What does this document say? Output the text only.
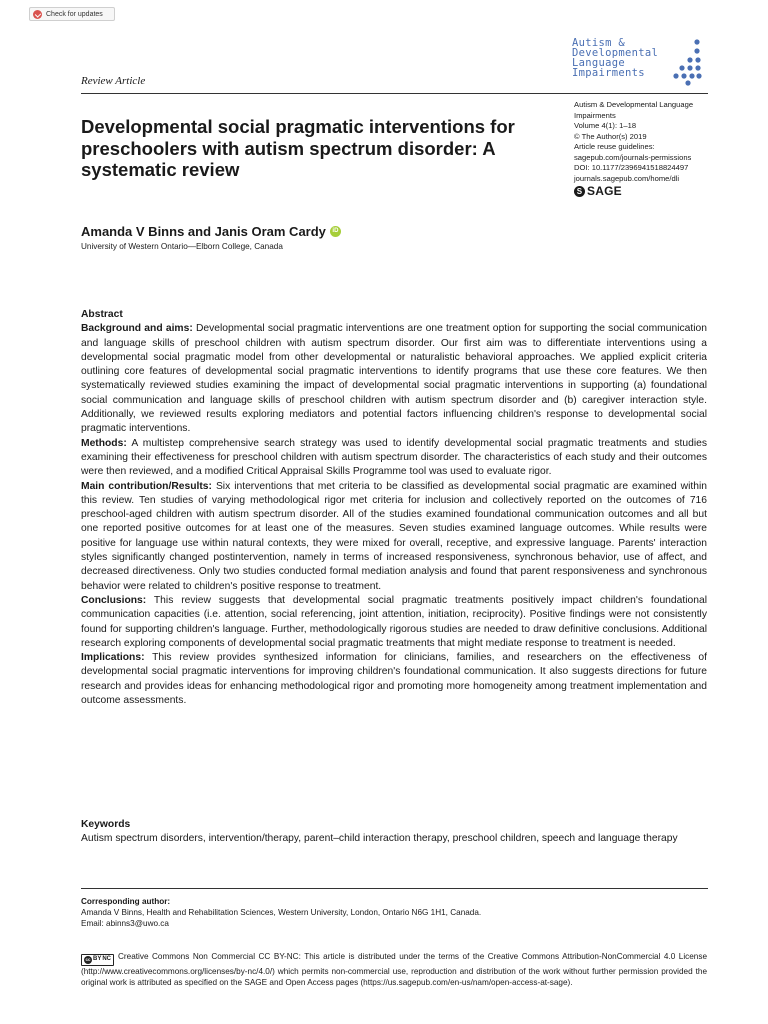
Check for updates
Autism &
Developmental
Language
Impairments
Review Article
Autism & Developmental Language
Impairments
Volume 4(1): 1–18
© The Author(s) 2019
Article reuse guidelines:
sagepub.com/journals-permissions
DOI: 10.1177/2396941518824497
journals.sagepub.com/home/dli
S SAGE
Developmental social pragmatic interventions for preschoolers with autism spectrum disorder: A systematic review
Amanda V Binns and Janis Oram Cardy	iD
University of Western Ontario—Elborn College, Canada

Abstract

Background and aims: Developmental social pragmatic interventions are one treatment option for supporting the social communication and language skills of preschool children with autism spectrum disorder. Our first aim was to differentiate interventions using a developmental social pragmatic model from other developmental or naturalistic behavioral approaches. We applied explicit criteria outlining core features of developmental social pragmatic interventions to identify programs that use these core features. We then systematically reviewed studies examining the impact of developmental social pragmatic interventions in supporting (a) foundational social communication and language skills of preschool children with autism spectrum disorder and (b) caregiver interaction style. Additionally, we reviewed results exploring mediators and potential factors influencing children's response to developmental social pragmatic interventions.

Methods: A multistep comprehensive search strategy was used to identify developmental social pragmatic treatments and studies examining their effectiveness for preschool children with autism spectrum disorder. The characteristics of each study and their outcomes were then reviewed, and a modified Critical Appraisal Skills Programme tool was used to evaluate rigor.

Main contribution/Results: Six interventions that met criteria to be classified as developmental social pragmatic are examined within this review. Ten studies of varying methodological rigor met criteria for inclusion and collectively reported on the outcomes of 716 preschool-aged children with autism spectrum disorder. All of the studies examined foundational communication outcomes and all but one reported positive outcomes for at least one of the measures. Seven studies examined language outcomes. While results were positive for language use within natural contexts, they were mixed for overall, receptive, and expressive language. Parents' interaction styles significantly changed postintervention, namely in terms of increased responsiveness, synchronous behavior, use of affect, and decreased directiveness. Only two studies conducted formal mediation analysis and found that parent responsiveness and synchronous behavior were related to children's positive response to treatment.

Conclusions: This review suggests that developmental social pragmatic treatments positively impact children's foundational communication capacities (i.e. attention, social referencing, joint attention, initiation, reciprocity). Positive findings were not consistently found for supporting children's language. Further, methodologically rigorous studies are needed to draw definitive conclusions. Additional research exploring components of developmental social pragmatic treatments that might mediate response to treatment is needed.

Implications: This review provides synthesized information for clinicians, families, and researchers on the effectiveness of developmental social pragmatic interventions for improving children's foundational communication. It also suggests directions for future research and provides ideas for enhancing methodological rigor and promoting more homogeneity among treatment implementation and outcome assessments.

Keywords
Autism spectrum disorders, intervention/therapy, parent–child interaction therapy, preschool children, speech and language therapy
Corresponding author:
Amanda V Binns, Health and Rehabilitation Sciences, Western University, London, Ontario N6G 1H1, Canada.
Email: abinns3@uwo.ca
cc BY NC Creative Commons Non Commercial CC BY-NC: This article is distributed under the terms of the Creative Commons Attribution-NonCommercial 4.0 License (http://www.creativecommons.org/licenses/by-nc/4.0/) which permits non-commercial use, reproduction and distribution of the work without further permission provided the original work is attributed as specified on the SAGE and Open Access pages (https://us.sagepub.com/en-us/nam/open-access-at-sage).
